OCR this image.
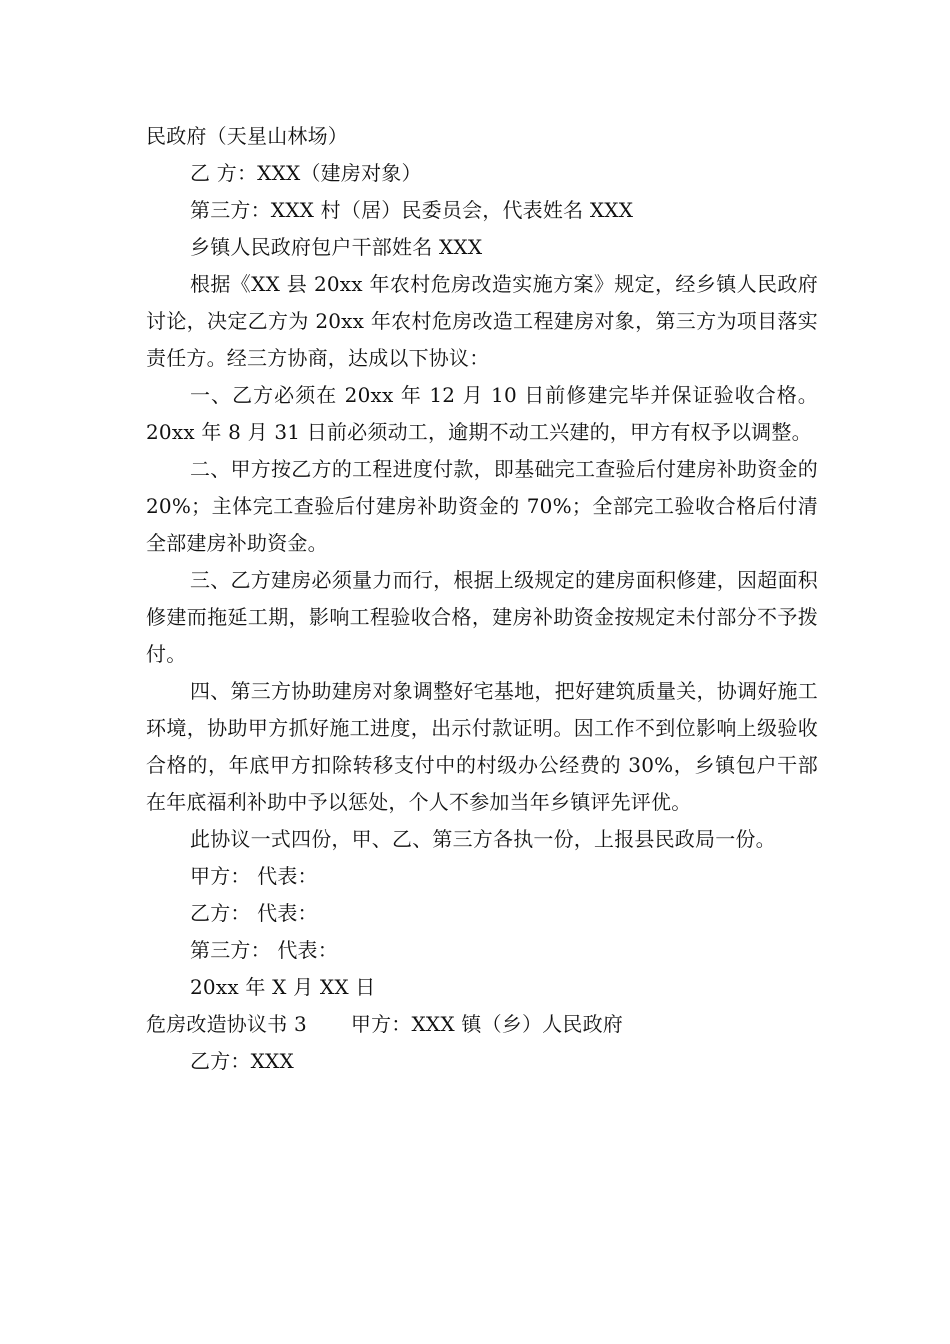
民政府（天星山林场）
乙 方：XXX（建房对象）
第三方：XXX 村（居）民委员会，代表姓名 XXX
乡镇人民政府包户干部姓名 XXX

根据《XX 县 20xx 年农村危房改造实施方案》规定，经乡镇人民政府讨论，决定乙方为 20xx 年农村危房改造工程建房对象，第三方为项目落实责任方。经三方协商，达成以下协议：

一、乙方必须在 20xx 年 12 月 10 日前修建完毕并保证验收合格。20xx 年 8 月 31 日前必须动工，逾期不动工兴建的，甲方有权予以调整。

二、甲方按乙方的工程进度付款，即基础完工查验后付建房补助资金的 20%；主体完工查验后付建房补助资金的 70%；全部完工验收合格后付清全部建房补助资金。

三、乙方建房必须量力而行，根据上级规定的建房面积修建，因超面积修建而拖延工期，影响工程验收合格，建房补助资金按规定未付部分不予拨付。

四、第三方协助建房对象调整好宅基地，把好建筑质量关，协调好施工环境，协助甲方抓好施工进度，出示付款证明。因工作不到位影响上级验收合格的，年底甲方扣除转移支付中的村级办公经费的 30%，乡镇包户干部在年底福利补助中予以惩处，个人不参加当年乡镇评先评优。

此协议一式四份，甲、乙、第三方各执一份，上报县民政局一份。

甲方： 代表：
乙方： 代表：
第三方： 代表：
20xx 年 X 月 XX 日
危房改造协议书 3 甲方：XXX 镇（乡）人民政府
乙方：XXX
